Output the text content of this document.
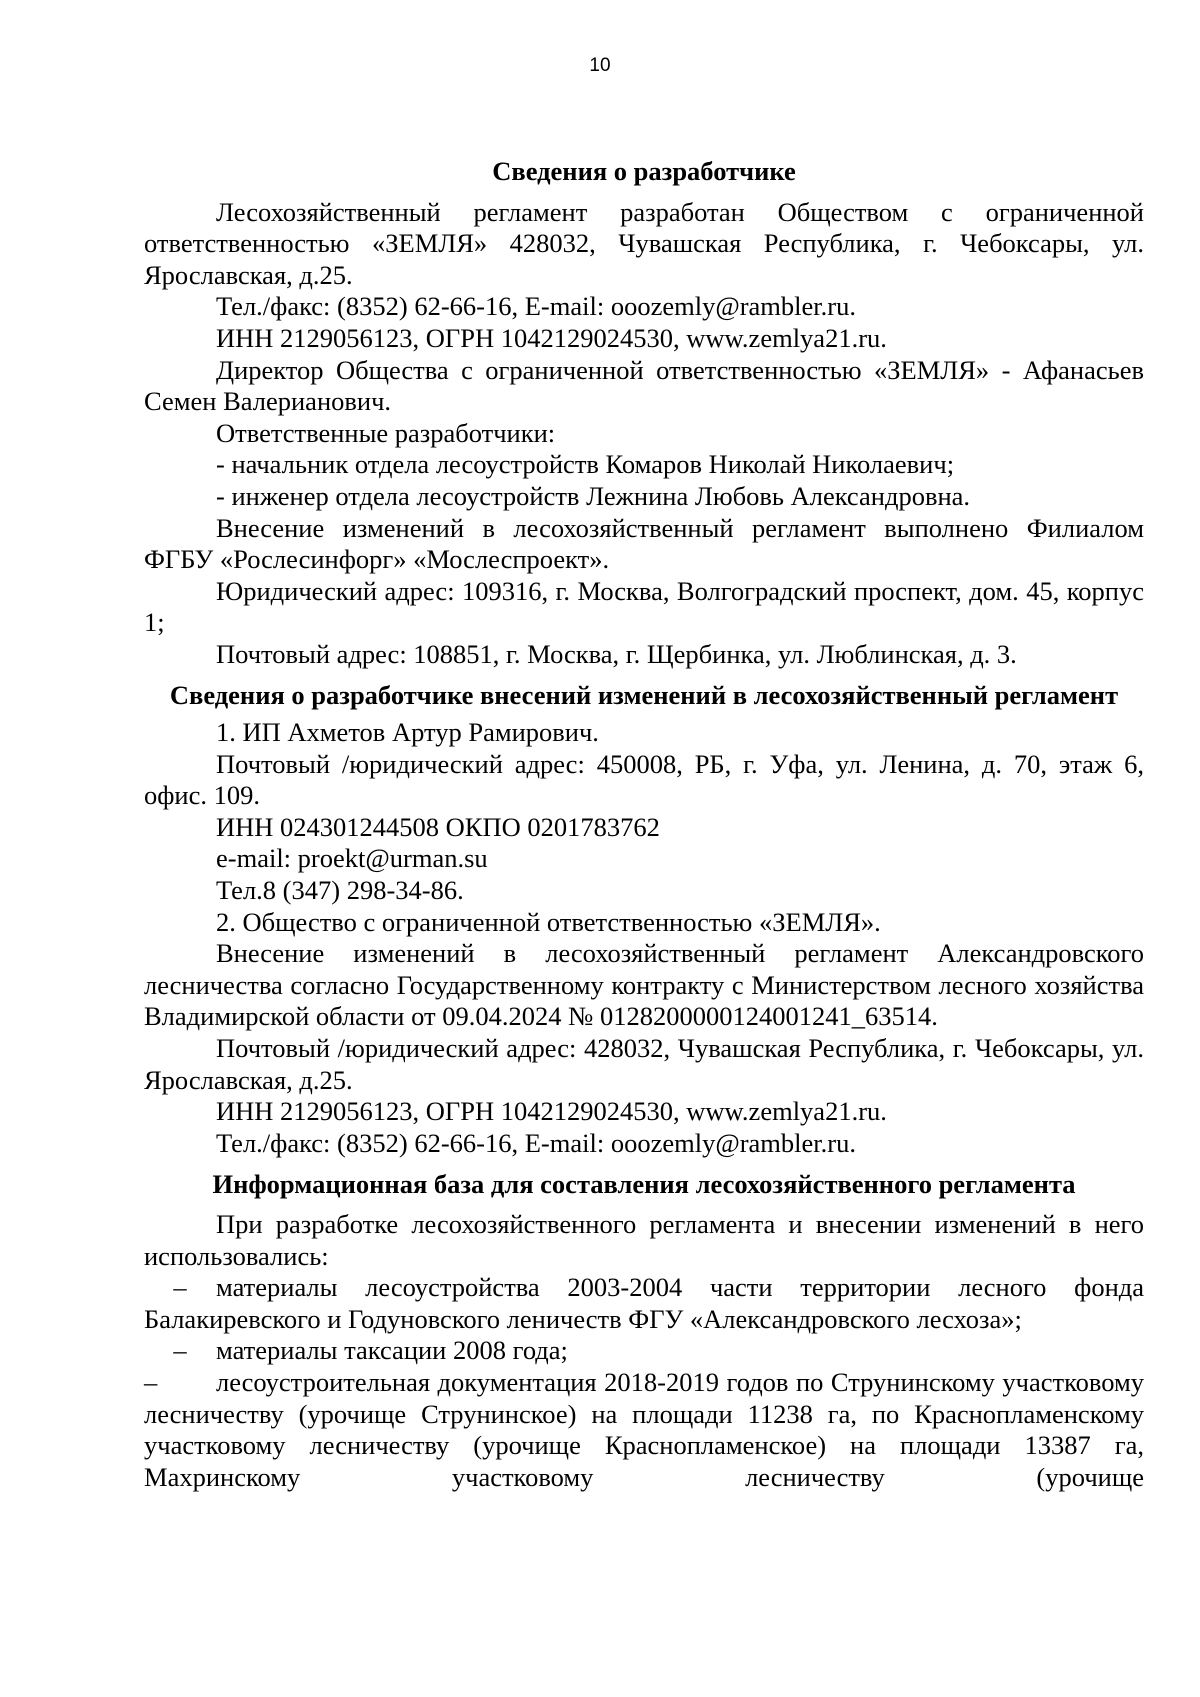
10

Сведения о разработчике

Лесохозяйственный регламент разработан Обществом с ограниченной ответственностью «ЗЕМЛЯ» 428032, Чувашская Республика, г. Чебоксары, ул. Ярославская, д.25.

Тел./факс: (8352) 62-66-16, E-mail: ooozemly@rambler.ru.

ИНН 2129056123, ОГРН 1042129024530, www.zemlya21.ru.

Директор Общества с ограниченной ответственностью «ЗЕМЛЯ» - Афанасьев Семен Валерианович.

Ответственные разработчики:

- начальник отдела лесоустройств Комаров Николай Николаевич;

- инженер отдела лесоустройств Лежнина Любовь Александровна.

Внесение изменений в лесохозяйственный регламент выполнено Филиалом ФГБУ «Рослесинфорг» «Мослеспроект».

Юридический адрес: 109316, г. Москва, Волгоградский проспект, дом. 45, корпус 1;

Почтовый адрес: 108851, г. Москва, г. Щербинка, ул. Люблинская, д. 3.

Сведения о разработчике внесений изменений в лесохозяйственный регламент

1. ИП Ахметов Артур Рамирович.

Почтовый /юридический адрес: 450008, РБ, г. Уфа, ул. Ленина, д. 70, этаж 6, офис. 109.

ИНН 024301244508 ОКПО 0201783762

e-mail: proekt@urman.su

Тел.8 (347) 298-34-86.

2. Общество с ограниченной ответственностью «ЗЕМЛЯ».

Внесение изменений в лесохозяйственный регламент Александровского лесничества согласно Государственному контракту с Министерством лесного хозяйства Владимирской области от 09.04.2024 № 0128200000124001241_63514.

Почтовый /юридический адрес: 428032, Чувашская Республика, г. Чебоксары, ул. Ярославская, д.25.

ИНН 2129056123, ОГРН 1042129024530, www.zemlya21.ru.

Тел./факс: (8352) 62-66-16, E-mail: ooozemly@rambler.ru.

Информационная база для составления лесохозяйственного регламента

При разработке лесохозяйственного регламента и внесении изменений в него использовались:

– материалы лесоустройства 2003-2004 части территории лесного фонда Балакиревского и Годуновского леничеств ФГУ «Александровского лесхоза»;

– материалы таксации 2008 года;

– лесоустроительная документация 2018-2019 годов по Струнинскому участковому лесничеству (урочище Струнинское) на площади 11238 га, по Краснопламенскому участковому лесничеству (урочище Краснопламенское) на площади 13387 га, Махринскому участковому лесничеству (урочище
